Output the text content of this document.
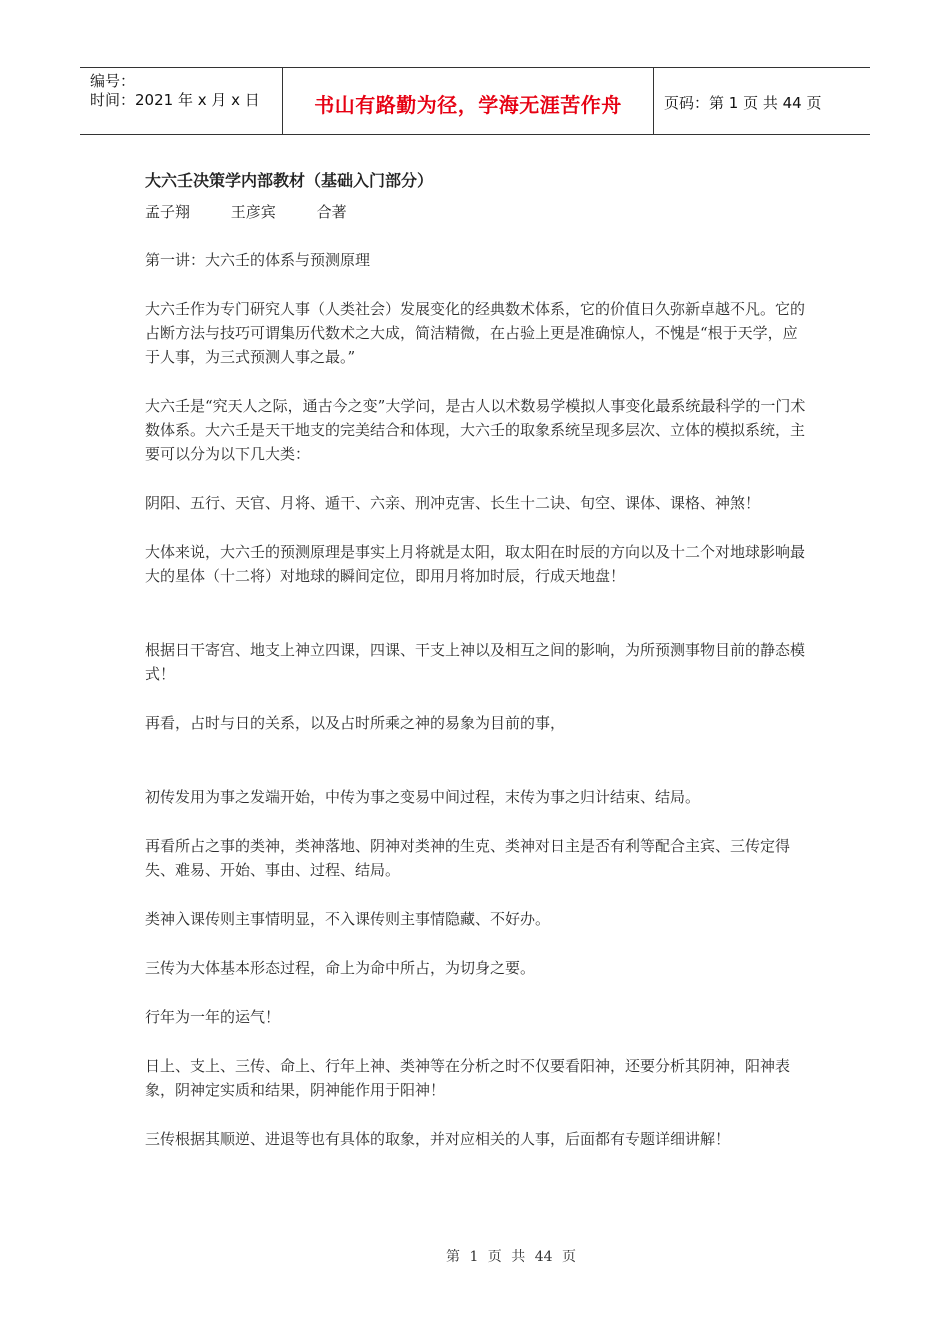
编号：
时间：2021 年 x 月 x 日	书山有路勤为径，学海无涯苦作舟	页码：第 1 页 共 44 页
大六壬决策学内部教材（基础入门部分）
孟子翔	王彦宾	合著

第一讲：大六壬的体系与预测原理

大六壬作为专门研究人事（人类社会）发展变化的经典数术体系，它的价值日久弥新卓越不凡。它的占断方法与技巧可谓集历代数术之大成，简洁精微，在占验上更是准确惊人，不愧是“根于天学，应于人事，为三式预测人事之最。”

大六壬是“究天人之际，通古今之变”大学问，是古人以术数易学模拟人事变化最系统最科学的一门术数体系。大六壬是天干地支的完美结合和体现，大六壬的取象系统呈现多层次、立体的模拟系统，主要可以分为以下几大类：

阴阳、五行、天官、月将、遁干、六亲、刑冲克害、长生十二诀、旬空、课体、课格、神煞！

大体来说，大六壬的预测原理是事实上月将就是太阳，取太阳在时辰的方向以及十二个对地球影响最大的星体（十二将）对地球的瞬间定位，即用月将加时辰，行成天地盘！

根据日干寄宫、地支上神立四课，四课、干支上神以及相互之间的影响，为所预测事物目前的静态模式！

再看，占时与日的关系，以及占时所乘之神的易象为目前的事，

初传发用为事之发端开始，中传为事之变易中间过程，末传为事之归计结束、结局。

再看所占之事的类神，类神落地、阴神对类神的生克、类神对日主是否有利等配合主宾、三传定得失、难易、开始、事由、过程、结局。

类神入课传则主事情明显，不入课传则主事情隐藏、不好办。

三传为大体基本形态过程，命上为命中所占，为切身之要。

行年为一年的运气！

日上、支上、三传、命上、行年上神、类神等在分析之时不仅要看阳神，还要分析其阴神，阳神表象，阴神定实质和结果，阴神能作用于阳神！

三传根据其顺逆、进退等也有具体的取象，并对应相关的人事，后面都有专题详细讲解！

第 1 页 共 44 页
